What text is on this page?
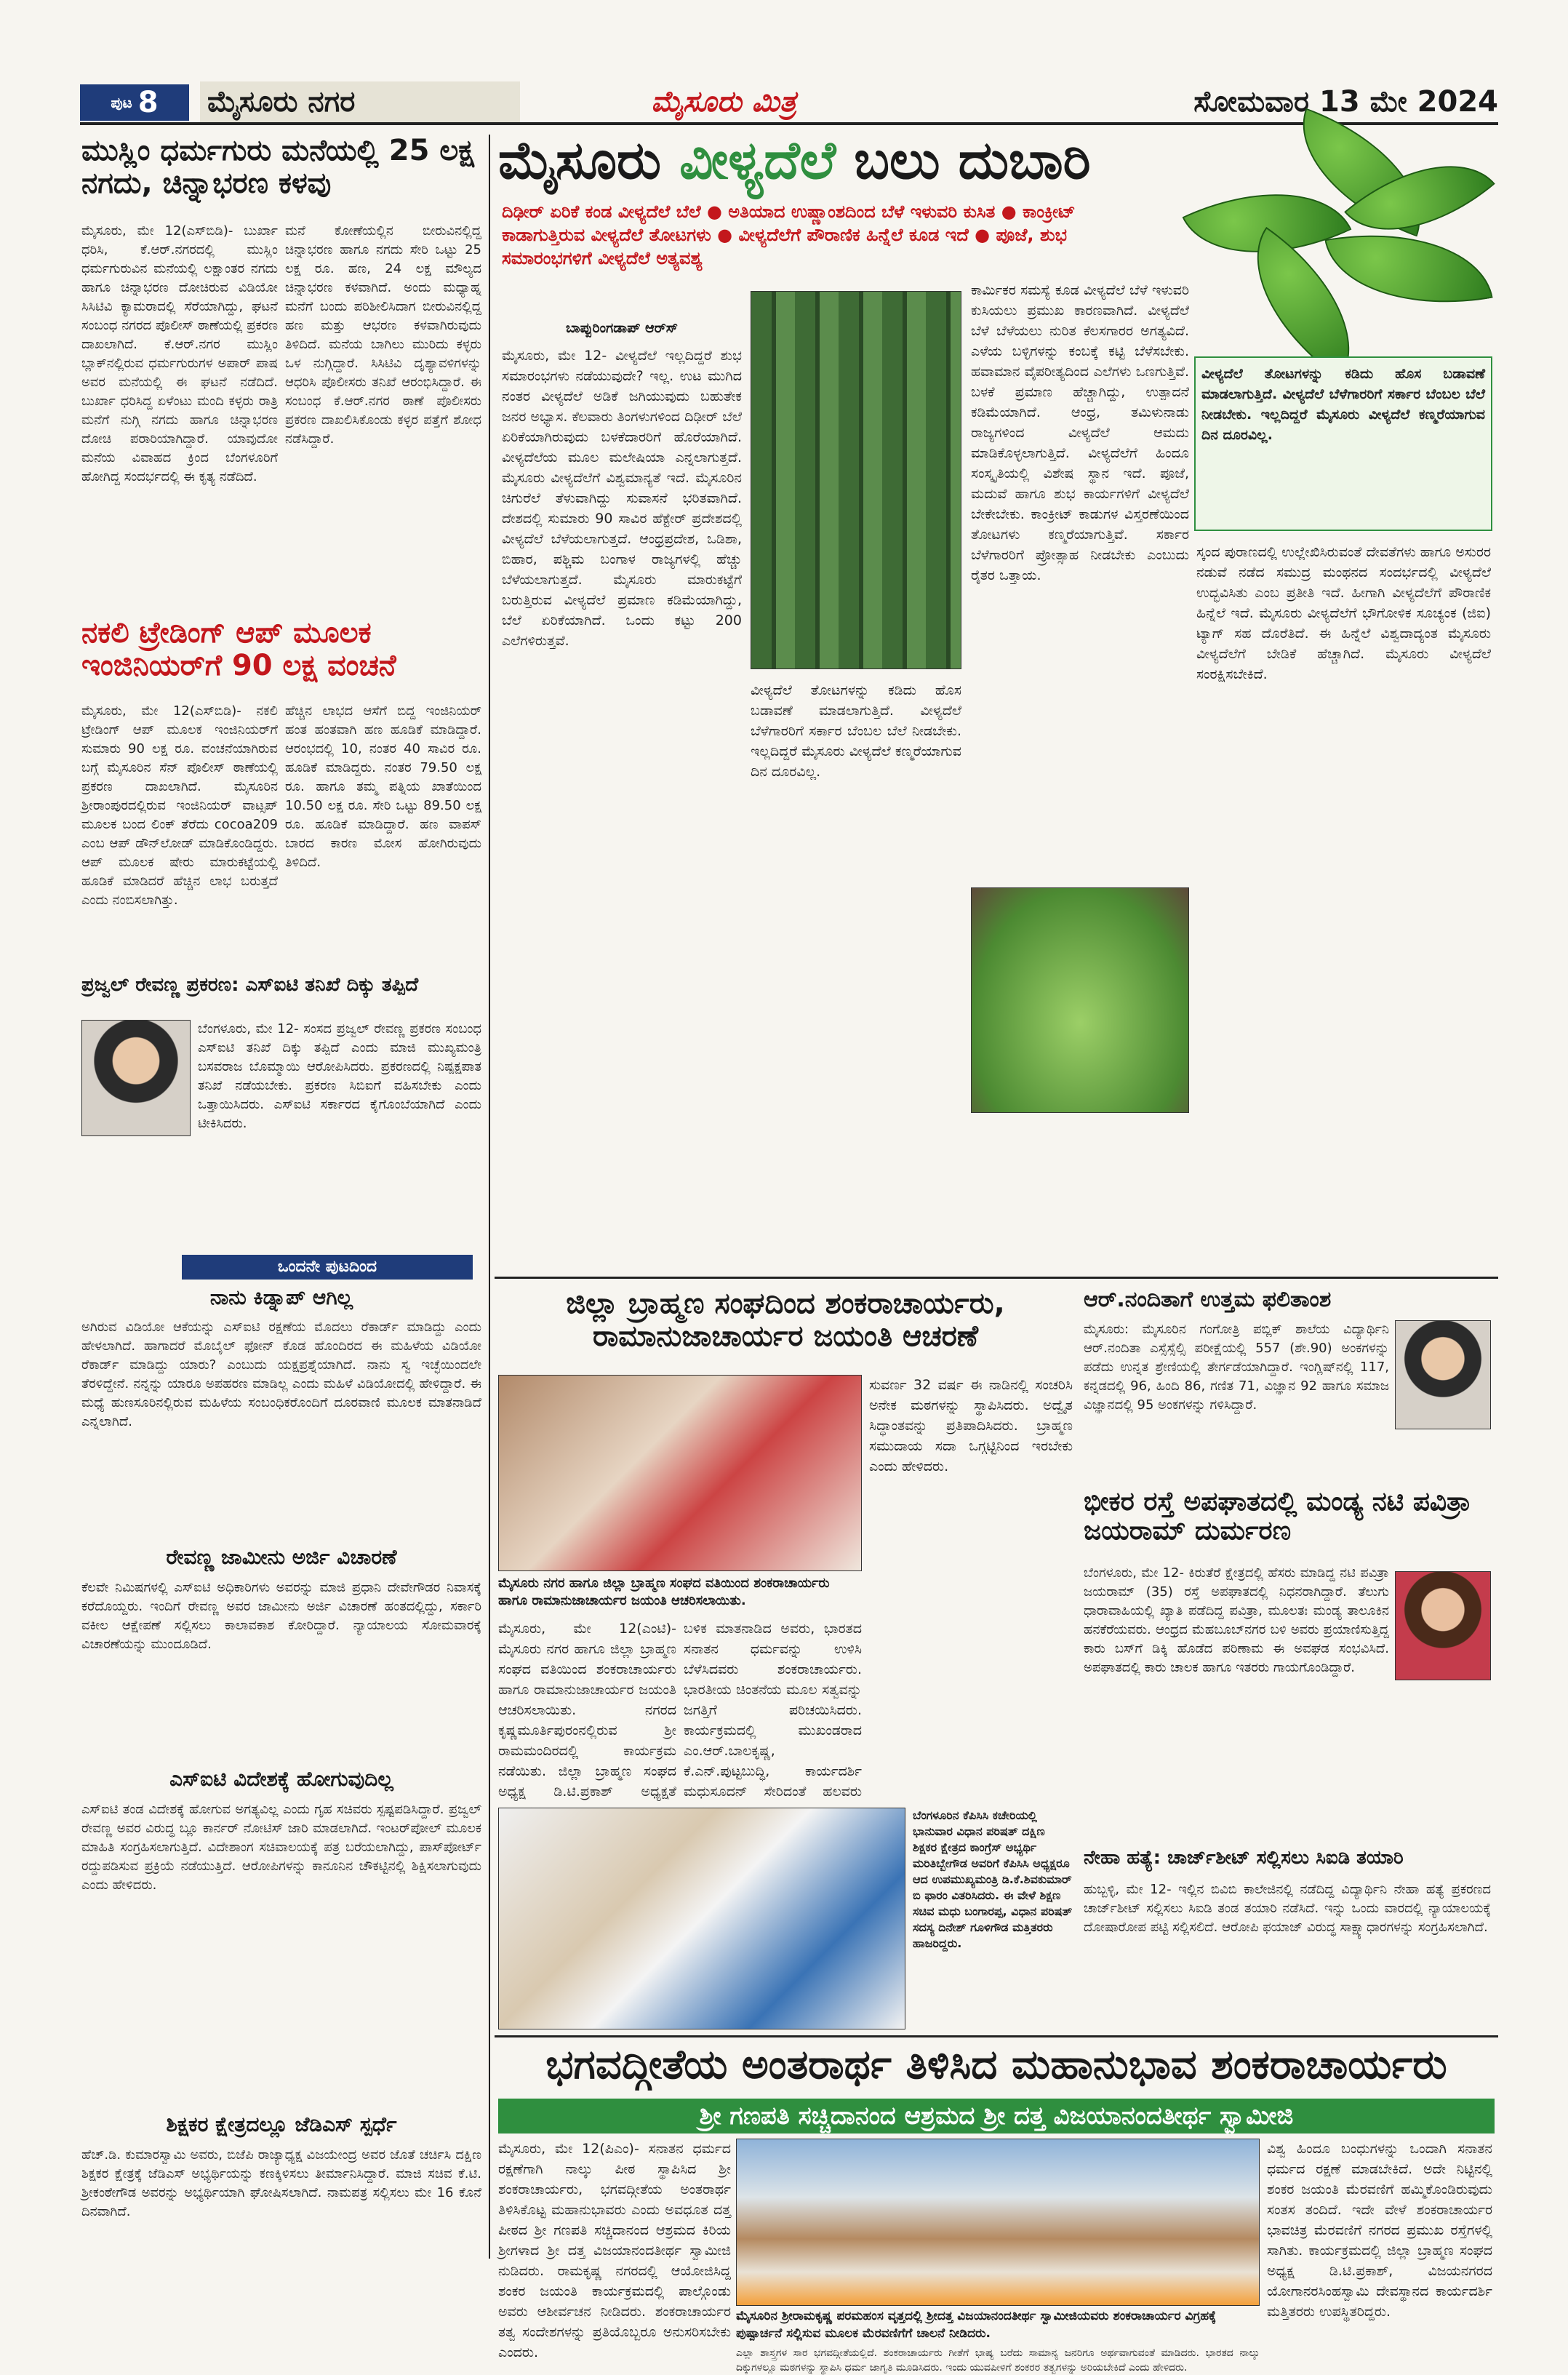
ಪುಟ 8 ಮೈಸೂರು ನಗರ	ಮೈಸೂರು ಮಿತ್ರ	ಸೋಮವಾರ 13 ಮೇ 2024
ಮುಸ್ಲಿಂ ಧರ್ಮಗುರು ಮನೆಯಲ್ಲಿ 25 ಲಕ್ಷ ನಗದು, ಚಿನ್ನಾಭರಣ ಕಳವು
ಮೈಸೂರು, ಮೇ 12(ಎಸ್‌ಬಿಡಿ)- ಬುರ್ಖಾ ಧರಿಸಿ, ಕೆ.ಆರ್.ನಗರದಲ್ಲಿ ಮುಸ್ಲಿಂ ಧರ್ಮಗುರುವಿನ ಮನೆಯಲ್ಲಿ ಲಕ್ಷಾಂತರ ನಗದು ಹಾಗೂ ಚಿನ್ನಾಭರಣ ದೋಚಿರುವ ವಿಡಿಯೋ ಸಿಸಿಟಿವಿ ಕ್ಯಾಮರಾದಲ್ಲಿ ಸೆರೆಯಾಗಿದ್ದು, ಘಟನೆ ಸಂಬಂಧ ನಗರದ ಪೊಲೀಸ್ ಠಾಣೆಯಲ್ಲಿ ಪ್ರಕರಣ ದಾಖಲಾಗಿದೆ. ಕೆ.ಆರ್.ನಗರ ಮುಸ್ಲಿಂ ಬ್ಲಾಕ್‌ನಲ್ಲಿರುವ ಧರ್ಮಗುರುಗಳ ಅಪಾರ್ ಪಾಷ ಅವರ ಮನೆಯಲ್ಲಿ ಈ ಘಟನೆ ನಡೆದಿದೆ. ಬುರ್ಖಾ ಧರಿಸಿದ್ದ ಏಳೆಂಟು ಮಂದಿ ಕಳ್ಳರು ರಾತ್ರಿ ಮನೆಗೆ ನುಗ್ಗಿ ನಗದು ಹಾಗೂ ಚಿನ್ನಾಭರಣ ದೋಚಿ ಪರಾರಿಯಾಗಿದ್ದಾರೆ. ಯಾವುದೋ ಮನೆಯ ವಿವಾಹದ ಕ್ರಿಂದ ಬೆಂಗಳೂರಿಗೆ ಹೋಗಿದ್ದ ಸಂದರ್ಭದಲ್ಲಿ ಈ ಕೃತ್ಯ ನಡೆದಿದೆ.
ಮನೆ ಕೋಣೆಯಲ್ಲಿನ ಬೀರುವಿನಲ್ಲಿದ್ದ ಚಿನ್ನಾಭರಣ ಹಾಗೂ ನಗದು ಸೇರಿ ಒಟ್ಟು 25 ಲಕ್ಷ ರೂ. ಹಣ, 24 ಲಕ್ಷ ಮೌಲ್ಯದ ಚಿನ್ನಾಭರಣ ಕಳವಾಗಿದೆ. ಅಂದು ಮಧ್ಯಾಹ್ನ ಮನೆಗೆ ಬಂದು ಪರಿಶೀಲಿಸಿದಾಗ ಬೀರುವಿನಲ್ಲಿದ್ದ ಹಣ ಮತ್ತು ಆಭರಣ ಕಳವಾಗಿರುವುದು ತಿಳಿದಿದೆ. ಮನೆಯ ಬಾಗಿಲು ಮುರಿದು ಕಳ್ಳರು ಒಳ ನುಗ್ಗಿದ್ದಾರೆ. ಸಿಸಿಟಿವಿ ದೃಶ್ಯಾವಳಿಗಳನ್ನು ಆಧರಿಸಿ ಪೊಲೀಸರು ತನಿಖೆ ಆರಂಭಿಸಿದ್ದಾರೆ. ಈ ಸಂಬಂಧ ಕೆ.ಆರ್.ನಗರ ಠಾಣೆ ಪೊಲೀಸರು ಪ್ರಕರಣ ದಾಖಲಿಸಿಕೊಂಡು ಕಳ್ಳರ ಪತ್ತೆಗೆ ಶೋಧ ನಡೆಸಿದ್ದಾರೆ.
ನಕಲಿ ಟ್ರೇಡಿಂಗ್ ಆಪ್ ಮೂಲಕ ಇಂಜಿನಿಯರ್‌ಗೆ 90 ಲಕ್ಷ ವಂಚನೆ
ಮೈಸೂರು, ಮೇ 12(ಎಸ್‌ಬಿಡಿ)- ನಕಲಿ ಟ್ರೇಡಿಂಗ್ ಆಪ್ ಮೂಲಕ ಇಂಜಿನಿಯರ್‌ಗೆ ಸುಮಾರು 90 ಲಕ್ಷ ರೂ. ವಂಚನೆಯಾಗಿರುವ ಬಗ್ಗೆ ಮೈಸೂರಿನ ಸೆನ್ ಪೊಲೀಸ್ ಠಾಣೆಯಲ್ಲಿ ಪ್ರಕರಣ ದಾಖಲಾಗಿದೆ. ಮೈಸೂರಿನ ಶ್ರೀರಾಂಪುರದಲ್ಲಿರುವ ಇಂಜಿನಿಯರ್ ವಾಟ್ಸಪ್ ಮೂಲಕ ಬಂದ ಲಿಂಕ್ ತೆರೆದು cocoa209 ಎಂಬ ಆಪ್ ಡೌನ್‌ಲೋಡ್ ಮಾಡಿಕೊಂಡಿದ್ದರು. ಆಪ್ ಮೂಲಕ ಷೇರು ಮಾರುಕಟ್ಟೆಯಲ್ಲಿ ಹೂಡಿಕೆ ಮಾಡಿದರೆ ಹೆಚ್ಚಿನ ಲಾಭ ಬರುತ್ತದೆ ಎಂದು ನಂಬಿಸಲಾಗಿತ್ತು.
ಹೆಚ್ಚಿನ ಲಾಭದ ಆಸೆಗೆ ಬಿದ್ದ ಇಂಜಿನಿಯರ್ ಹಂತ ಹಂತವಾಗಿ ಹಣ ಹೂಡಿಕೆ ಮಾಡಿದ್ದಾರೆ. ಆರಂಭದಲ್ಲಿ 10, ನಂತರ 40 ಸಾವಿರ ರೂ. ಹೂಡಿಕೆ ಮಾಡಿದ್ದರು. ನಂತರ 79.50 ಲಕ್ಷ ರೂ. ಹಾಗೂ ತಮ್ಮ ಪತ್ನಿಯ ಖಾತೆಯಿಂದ 10.50 ಲಕ್ಷ ರೂ. ಸೇರಿ ಒಟ್ಟು 89.50 ಲಕ್ಷ ರೂ. ಹೂಡಿಕೆ ಮಾಡಿದ್ದಾರೆ. ಹಣ ವಾಪಸ್ ಬಾರದ ಕಾರಣ ಮೋಸ ಹೋಗಿರುವುದು ತಿಳಿದಿದೆ.
ಪ್ರಜ್ವಲ್ ರೇವಣ್ಣ ಪ್ರಕರಣ: ಎಸ್‌ಐಟಿ ತನಿಖೆ ದಿಕ್ಕು ತಪ್ಪಿದೆ
ಬೆಂಗಳೂರು, ಮೇ 12- ಸಂಸದ ಪ್ರಜ್ವಲ್ ರೇವಣ್ಣ ಪ್ರಕರಣ ಸಂಬಂಧ ಎಸ್‌ಐಟಿ ತನಿಖೆ ದಿಕ್ಕು ತಪ್ಪಿದೆ ಎಂದು ಮಾಜಿ ಮುಖ್ಯಮಂತ್ರಿ ಬಸವರಾಜ ಬೊಮ್ಮಾಯಿ ಆರೋಪಿಸಿದರು. ಪ್ರಕರಣದಲ್ಲಿ ನಿಷ್ಪಕ್ಷಪಾತ ತನಿಖೆ ನಡೆಯಬೇಕು. ಪ್ರಕರಣ ಸಿಬಿಐಗೆ ವಹಿಸಬೇಕು ಎಂದು ಒತ್ತಾಯಿಸಿದರು. ಎಸ್‌ಐಟಿ ಸರ್ಕಾರದ ಕೈಗೊಂಬೆಯಾಗಿದೆ ಎಂದು ಟೀಕಿಸಿದರು.
ಒಂದನೇ ಪುಟದಿಂದ
ನಾನು ಕಿಡ್ನಾಪ್ ಆಗಿಲ್ಲ
ಅಗಿರುವ ವಿಡಿಯೋ ಆಕೆಯನ್ನು ಎಸ್‌ಐಟಿ ರಕ್ಷಣೆಯ ಮೊದಲು ರೆಕಾರ್ಡ್ ಮಾಡಿದ್ದು ಎಂದು ಹೇಳಲಾಗಿದೆ. ಹಾಗಾದರೆ ಮೊಬೈಲ್ ಫೋನ್ ಕೊಡ ಹೊಂದಿರದ ಈ ಮಹಿಳೆಯ ವಿಡಿಯೋ ರೆಕಾರ್ಡ್ ಮಾಡಿದ್ದು ಯಾರು? ಎಂಬುದು ಯಕ್ಷಪ್ರಶ್ನೆಯಾಗಿದೆ. ನಾನು ಸ್ವ ಇಚ್ಛೆಯಿಂದಲೇ ತೆರಳಿದ್ದೇನೆ. ನನ್ನನ್ನು ಯಾರೂ ಅಪಹರಣ ಮಾಡಿಲ್ಲ ಎಂದು ಮಹಿಳೆ ವಿಡಿಯೋದಲ್ಲಿ ಹೇಳಿದ್ದಾರೆ. ಈ ಮಧ್ಯೆ ಹುಣಸೂರಿನಲ್ಲಿರುವ ಮಹಿಳೆಯ ಸಂಬಂಧಿಕರೊಂದಿಗೆ ದೂರವಾಣಿ ಮೂಲಕ ಮಾತನಾಡಿದೆ ಎನ್ನಲಾಗಿದೆ.
ರೇವಣ್ಣ ಜಾಮೀನು ಅರ್ಜಿ ವಿಚಾರಣೆ
ಕೆಲವೇ ನಿಮಿಷಗಳಲ್ಲಿ ಎಸ್‌ಐಟಿ ಅಧಿಕಾರಿಗಳು ಅವರನ್ನು ಮಾಜಿ ಪ್ರಧಾನಿ ದೇವೇಗೌಡರ ನಿವಾಸಕ್ಕೆ ಕರೆದೊಯ್ದರು. ಇಂದಿಗೆ ರೇವಣ್ಣ ಅವರ ಜಾಮೀನು ಅರ್ಜಿ ವಿಚಾರಣೆ ಹಂತದಲ್ಲಿದ್ದು, ಸರ್ಕಾರಿ ವಕೀಲ ಆಕ್ಷೇಪಣೆ ಸಲ್ಲಿಸಲು ಕಾಲಾವಕಾಶ ಕೋರಿದ್ದಾರೆ. ನ್ಯಾಯಾಲಯ ಸೋಮವಾರಕ್ಕೆ ವಿಚಾರಣೆಯನ್ನು ಮುಂದೂಡಿದೆ.
ಎಸ್‌ಐಟಿ ವಿದೇಶಕ್ಕೆ ಹೋಗುವುದಿಲ್ಲ
ಎಸ್‌ಐಟಿ ತಂಡ ವಿದೇಶಕ್ಕೆ ಹೋಗುವ ಅಗತ್ಯವಿಲ್ಲ ಎಂದು ಗೃಹ ಸಚಿವರು ಸ್ಪಷ್ಟಪಡಿಸಿದ್ದಾರೆ. ಪ್ರಜ್ವಲ್ ರೇವಣ್ಣ ಅವರ ವಿರುದ್ಧ ಬ್ಲೂ ಕಾರ್ನರ್ ನೋಟಿಸ್ ಜಾರಿ ಮಾಡಲಾಗಿದೆ. ಇಂಟರ್‌ಪೋಲ್ ಮೂಲಕ ಮಾಹಿತಿ ಸಂಗ್ರಹಿಸಲಾಗುತ್ತಿದೆ. ವಿದೇಶಾಂಗ ಸಚಿವಾಲಯಕ್ಕೆ ಪತ್ರ ಬರೆಯಲಾಗಿದ್ದು, ಪಾಸ್‌ಪೋರ್ಟ್ ರದ್ದುಪಡಿಸುವ ಪ್ರಕ್ರಿಯೆ ನಡೆಯುತ್ತಿದೆ. ಆರೋಪಿಗಳನ್ನು ಕಾನೂನಿನ ಚೌಕಟ್ಟಿನಲ್ಲಿ ಶಿಕ್ಷಿಸಲಾಗುವುದು ಎಂದು ಹೇಳಿದರು.
ಶಿಕ್ಷಕರ ಕ್ಷೇತ್ರದಲ್ಲೂ ಜೆಡಿಎಸ್ ಸ್ಪರ್ಧೆ
ಹೆಚ್.ಡಿ. ಕುಮಾರಸ್ವಾಮಿ ಅವರು, ಬಿಜೆಪಿ ರಾಜ್ಯಾಧ್ಯಕ್ಷ ವಿಜಯೇಂದ್ರ ಅವರ ಜೊತೆ ಚರ್ಚಿಸಿ ದಕ್ಷಿಣ ಶಿಕ್ಷಕರ ಕ್ಷೇತ್ರಕ್ಕೆ ಜೆಡಿಎಸ್ ಅಭ್ಯರ್ಥಿಯನ್ನು ಕಣಕ್ಕಿಳಿಸಲು ತೀರ್ಮಾನಿಸಿದ್ದಾರೆ. ಮಾಜಿ ಸಚಿವ ಕೆ.ಟಿ. ಶ್ರೀಕಂಠೇಗೌಡ ಅವರನ್ನು ಅಭ್ಯರ್ಥಿಯಾಗಿ ಘೋಷಿಸಲಾಗಿದೆ. ನಾಮಪತ್ರ ಸಲ್ಲಿಸಲು ಮೇ 16 ಕೊನೆ ದಿನವಾಗಿದೆ.
ಮೈಸೂರು ವೀಳ್ಯದೆಲೆ ಬಲು ದುಬಾರಿ
ದಿಢೀರ್ ಏರಿಕೆ ಕಂಡ ವೀಳ್ಯದೆಲೆ ಬೆಲೆ ● ಅತಿಯಾದ ಉಷ್ಣಾಂಶದಿಂದ ಬೆಳೆ ಇಳುವರಿ ಕುಸಿತ ● ಕಾಂಕ್ರೀಟ್ ಕಾಡಾಗುತ್ತಿರುವ ವೀಳ್ಯದೆಲೆ ತೋಟಗಳು ● ವೀಳ್ಯದೆಲೆಗೆ ಪೌರಾಣಿಕ ಹಿನ್ನೆಲೆ ಕೂಡ ಇದೆ ● ಪೂಜೆ, ಶುಭ ಸಮಾರಂಭಗಳಿಗೆ ವೀಳ್ಯದೆಲೆ ಅತ್ಯವಶ್ಯ
ಬಾಪ್ಪುರಿಂಗಡಾಪ್ ಆರ್‌ಸ್
ಮೈಸೂರು, ಮೇ 12- ವೀಳ್ಯದೆಲೆ ಇಲ್ಲದಿದ್ದರೆ ಶುಭ ಸಮಾರಂಭಗಳು ನಡೆಯುವುದೇ? ಇಲ್ಲ. ಉಟ ಮುಗಿದ ನಂತರ ವೀಳ್ಯದೆಲೆ ಅಡಿಕೆ ಜಗಿಯುವುದು ಬಹುತೇಕ ಜನರ ಅಭ್ಯಾಸ. ಕೆಲವಾರು ತಿಂಗಳುಗಳಿಂದ ದಿಢೀರ್ ಬೆಲೆ ಏರಿಕೆಯಾಗಿರುವುದು ಬಳಕೆದಾರರಿಗೆ ಹೊರೆಯಾಗಿದೆ. ವೀಳ್ಯದೆಲೆಯ ಮೂಲ ಮಲೇಷಿಯಾ ಎನ್ನಲಾಗುತ್ತದೆ. ಮೈಸೂರು ವೀಳ್ಯದೆಲೆಗೆ ವಿಶ್ವಮಾನ್ಯತೆ ಇದೆ. ಮೈಸೂರಿನ ಚಿಗುರೆಲೆ ತೆಳುವಾಗಿದ್ದು ಸುವಾಸನೆ ಭರಿತವಾಗಿದೆ. ದೇಶದಲ್ಲಿ ಸುಮಾರು 90 ಸಾವಿರ ಹೆಕ್ಟೇರ್ ಪ್ರದೇಶದಲ್ಲಿ ವೀಳ್ಯದೆಲೆ ಬೆಳೆಯಲಾಗುತ್ತದೆ. ಆಂಧ್ರಪ್ರದೇಶ, ಒಡಿಶಾ, ಬಿಹಾರ, ಪಶ್ಚಿಮ ಬಂಗಾಳ ರಾಜ್ಯಗಳಲ್ಲಿ ಹೆಚ್ಚು ಬೆಳೆಯಲಾಗುತ್ತದೆ. ಮೈಸೂರು ಮಾರುಕಟ್ಟೆಗೆ ಬರುತ್ತಿರುವ ವೀಳ್ಯದೆಲೆ ಪ್ರಮಾಣ ಕಡಿಮೆಯಾಗಿದ್ದು, ಬೆಲೆ ಏರಿಕೆಯಾಗಿದೆ. ಒಂದು ಕಟ್ಟು 200 ಎಲೆಗಳಿರುತ್ತವೆ.
ಕಾರ್ಮಿಕರ ಸಮಸ್ಯೆ ಕೂಡ ವೀಳ್ಯದೆಲೆ ಬೆಳೆ ಇಳುವರಿ ಕುಸಿಯಲು ಪ್ರಮುಖ ಕಾರಣವಾಗಿದೆ. ವೀಳ್ಯದೆಲೆ ಬೆಳೆ ಬೆಳೆಯಲು ನುರಿತ ಕೆಲಸಗಾರರ ಅಗತ್ಯವಿದೆ. ಎಳೆಯ ಬಳ್ಳಿಗಳನ್ನು ಕಂಬಕ್ಕೆ ಕಟ್ಟಿ ಬೆಳೆಸಬೇಕು. ಹವಾಮಾನ ವೈಪರೀತ್ಯದಿಂದ ಎಲೆಗಳು ಒಣಗುತ್ತಿವೆ. ಬಳಕೆ ಪ್ರಮಾಣ ಹೆಚ್ಚಾಗಿದ್ದು, ಉತ್ಪಾದನೆ ಕಡಿಮೆಯಾಗಿದೆ. ಆಂಧ್ರ, ತಮಿಳುನಾಡು ರಾಜ್ಯಗಳಿಂದ ವೀಳ್ಯದೆಲೆ ಆಮದು ಮಾಡಿಕೊಳ್ಳಲಾಗುತ್ತಿದೆ. ವೀಳ್ಯದೆಲೆಗೆ ಹಿಂದೂ ಸಂಸ್ಕೃತಿಯಲ್ಲಿ ವಿಶೇಷ ಸ್ಥಾನ ಇದೆ. ಪೂಜೆ, ಮದುವೆ ಹಾಗೂ ಶುಭ ಕಾರ್ಯಗಳಿಗೆ ವೀಳ್ಯದೆಲೆ ಬೇಕೇಬೇಕು. ಕಾಂಕ್ರೀಟ್ ಕಾಡುಗಳ ವಿಸ್ತರಣೆಯಿಂದ ತೋಟಗಳು ಕಣ್ಮರೆಯಾಗುತ್ತಿವೆ. ಸರ್ಕಾರ ಬೆಳೆಗಾರರಿಗೆ ಪ್ರೋತ್ಸಾಹ ನೀಡಬೇಕು ಎಂಬುದು ರೈತರ ಒತ್ತಾಯ.
ವೀಳ್ಯದೆಲೆ ತೋಟಗಳನ್ನು ಕಡಿದು ಹೊಸ ಬಡಾವಣೆ ಮಾಡಲಾಗುತ್ತಿದೆ. ವೀಳ್ಯದೆಲೆ ಬೆಳೆಗಾರರಿಗೆ ಸರ್ಕಾರ ಬೆಂಬಲ ಬೆಲೆ ನೀಡಬೇಕು. ಇಲ್ಲದಿದ್ದರೆ ಮೈಸೂರು ವೀಳ್ಯದೆಲೆ ಕಣ್ಮರೆಯಾಗುವ ದಿನ ದೂರವಿಲ್ಲ.
ಸ್ಕಂದ ಪುರಾಣದಲ್ಲಿ ಉಲ್ಲೇಖಿಸಿರುವಂತೆ ದೇವತೆಗಳು ಹಾಗೂ ಅಸುರರ ನಡುವೆ ನಡೆದ ಸಮುದ್ರ ಮಂಥನದ ಸಂದರ್ಭದಲ್ಲಿ ವೀಳ್ಯದೆಲೆ ಉದ್ಭವಿಸಿತು ಎಂಬ ಪ್ರತೀತಿ ಇದೆ. ಹೀಗಾಗಿ ವೀಳ್ಯದೆಲೆಗೆ ಪೌರಾಣಿಕ ಹಿನ್ನೆಲೆ ಇದೆ. ಮೈಸೂರು ವೀಳ್ಯದೆಲೆಗೆ ಭೌಗೋಳಿಕ ಸೂಚ್ಯಂಕ (ಜಿಐ) ಟ್ಯಾಗ್ ಸಹ ದೊರೆತಿದೆ. ಈ ಹಿನ್ನೆಲೆ ವಿಶ್ವದಾದ್ಯಂತ ಮೈಸೂರು ವೀಳ್ಯದೆಲೆಗೆ ಬೇಡಿಕೆ ಹೆಚ್ಚಾಗಿದೆ. ಮೈಸೂರು ವೀಳ್ಯದೆಲೆ ಸಂರಕ್ಷಿಸಬೇಕಿದೆ.
ವೀಳ್ಯದೆಲೆ ತೋಟಗಳನ್ನು ಕಡಿದು ಹೊಸ ಬಡಾವಣೆ ಮಾಡಲಾಗುತ್ತಿದೆ. ವೀಳ್ಯದೆಲೆ ಬೆಳೆಗಾರರಿಗೆ ಸರ್ಕಾರ ಬೆಂಬಲ ಬೆಲೆ ನೀಡಬೇಕು. ಇಲ್ಲದಿದ್ದರೆ ಮೈಸೂರು ವೀಳ್ಯದೆಲೆ ಕಣ್ಮರೆಯಾಗುವ ದಿನ ದೂರವಿಲ್ಲ.
ಜಿಲ್ಲಾ ಬ್ರಾಹ್ಮಣ ಸಂಘದಿಂದ ಶಂಕರಾಚಾರ್ಯರು, ರಾಮಾನುಜಾಚಾರ್ಯರ ಜಯಂತಿ ಆಚರಣೆ
ಮೈಸೂರು ನಗರ ಹಾಗೂ ಜಿಲ್ಲಾ ಬ್ರಾಹ್ಮಣ ಸಂಘದ ವತಿಯಿಂದ ಶಂಕರಾಚಾರ್ಯರು ಹಾಗೂ ರಾಮಾನುಜಾಚಾರ್ಯರ ಜಯಂತಿ ಆಚರಿಸಲಾಯಿತು.
ಸುವರ್ಣ 32 ವರ್ಷ ಈ ನಾಡಿನಲ್ಲಿ ಸಂಚರಿಸಿ ಅನೇಕ ಮಠಗಳನ್ನು ಸ್ಥಾಪಿಸಿದರು. ಅದ್ವೈತ ಸಿದ್ಧಾಂತವನ್ನು ಪ್ರತಿಪಾದಿಸಿದರು. ಬ್ರಾಹ್ಮಣ ಸಮುದಾಯ ಸದಾ ಒಗ್ಗಟ್ಟಿನಿಂದ ಇರಬೇಕು ಎಂದು ಹೇಳಿದರು.
ಮೈಸೂರು, ಮೇ 12(ಎಂಟಿ)- ಮೈಸೂರು ನಗರ ಹಾಗೂ ಜಿಲ್ಲಾ ಬ್ರಾಹ್ಮಣ ಸಂಘದ ವತಿಯಿಂದ ಶಂಕರಾಚಾರ್ಯರು ಹಾಗೂ ರಾಮಾನುಜಾಚಾರ್ಯರ ಜಯಂತಿ ಆಚರಿಸಲಾಯಿತು. ನಗರದ ಕೃಷ್ಣಮೂರ್ತಿಪುರಂನಲ್ಲಿರುವ ಶ್ರೀ ರಾಮಮಂದಿರದಲ್ಲಿ ಕಾರ್ಯಕ್ರಮ ನಡೆಯಿತು. ಜಿಲ್ಲಾ ಬ್ರಾಹ್ಮಣ ಸಂಘದ ಅಧ್ಯಕ್ಷ ಡಿ.ಟಿ.ಪ್ರಕಾಶ್ ಅಧ್ಯಕ್ಷತೆ
ಬಳಿಕ ಮಾತನಾಡಿದ ಅವರು, ಭಾರತದ ಸನಾತನ ಧರ್ಮವನ್ನು ಉಳಿಸಿ ಬೆಳೆಸಿದವರು ಶಂಕರಾಚಾರ್ಯರು. ಭಾರತೀಯ ಚಿಂತನೆಯ ಮೂಲ ಸತ್ವವನ್ನು ಜಗತ್ತಿಗೆ ಪರಿಚಯಿಸಿದರು. ಕಾರ್ಯಕ್ರಮದಲ್ಲಿ ಮುಖಂಡರಾದ ಎಂ.ಆರ್.ಬಾಲಕೃಷ್ಣ, ಕೆ.ಎನ್.ಪುಟ್ಟಬುದ್ಧಿ, ಕಾರ್ಯದರ್ಶಿ ಮಧುಸೂದನ್ ಸೇರಿದಂತೆ ಹಲವರು
ಬೆಂಗಳೂರಿನ ಕೆಪಿಸಿಸಿ ಕಚೇರಿಯಲ್ಲಿ ಭಾನುವಾರ ವಿಧಾನ ಪರಿಷತ್ ದಕ್ಷಿಣ ಶಿಕ್ಷಕರ ಕ್ಷೇತ್ರದ ಕಾಂಗ್ರೆಸ್ ಅಭ್ಯರ್ಥಿ ಮರಿತಿಬ್ಬೇಗೌಡ ಅವರಿಗೆ ಕೆಪಿಸಿಸಿ ಅಧ್ಯಕ್ಷರೂ ಆದ ಉಪಮುಖ್ಯಮಂತ್ರಿ ಡಿ.ಕೆ.ಶಿವಕುಮಾರ್ ಬಿ ಫಾರಂ ವಿತರಿಸಿದರು. ಈ ವೇಳೆ ಶಿಕ್ಷಣ ಸಚಿವ ಮಧು ಬಂಗಾರಪ್ಪ, ವಿಧಾನ ಪರಿಷತ್ ಸದಸ್ಯ ದಿನೇಶ್ ಗೂಳಿಗೌಡ ಮತ್ತಿತರರು ಹಾಜರಿದ್ದರು.
ಆರ್.ನಂದಿತಾಗೆ ಉತ್ತಮ ಫಲಿತಾಂಶ
ಮೈಸೂರು: ಮೈಸೂರಿನ ಗಂಗೋತ್ರಿ ಪಬ್ಲಿಕ್ ಶಾಲೆಯ ವಿದ್ಯಾರ್ಥಿನಿ ಆರ್.ನಂದಿತಾ ಎಸ್ಸೆಸ್ಸೆಲ್ಸಿ ಪರೀಕ್ಷೆಯಲ್ಲಿ 557 (ಶೇ.90) ಅಂಕಗಳನ್ನು ಪಡೆದು ಉನ್ನತ ಶ್ರೇಣಿಯಲ್ಲಿ ತೇರ್ಗಡೆಯಾಗಿದ್ದಾರೆ. ಇಂಗ್ಲಿಷ್‌ನಲ್ಲಿ 117, ಕನ್ನಡದಲ್ಲಿ 96, ಹಿಂದಿ 86, ಗಣಿತ 71, ವಿಜ್ಞಾನ 92 ಹಾಗೂ ಸಮಾಜ ವಿಜ್ಞಾನದಲ್ಲಿ 95 ಅಂಕಗಳನ್ನು ಗಳಿಸಿದ್ದಾರೆ.
ಭೀಕರ ರಸ್ತೆ ಅಪಘಾತದಲ್ಲಿ ಮಂಡ್ಯ ನಟಿ ಪವಿತ್ರಾ ಜಯರಾಮ್ ದುರ್ಮರಣ
ಬೆಂಗಳೂರು, ಮೇ 12- ಕಿರುತೆರೆ ಕ್ಷೇತ್ರದಲ್ಲಿ ಹೆಸರು ಮಾಡಿದ್ದ ನಟಿ ಪವಿತ್ರಾ ಜಯರಾಮ್ (35) ರಸ್ತೆ ಅಪಘಾತದಲ್ಲಿ ನಿಧನರಾಗಿದ್ದಾರೆ. ತೆಲುಗು ಧಾರಾವಾಹಿಯಲ್ಲಿ ಖ್ಯಾತಿ ಪಡೆದಿದ್ದ ಪವಿತ್ರಾ, ಮೂಲತಃ ಮಂಡ್ಯ ತಾಲೂಕಿನ ಹನಕೆರೆಯವರು. ಆಂಧ್ರದ ಮೆಹಬೂಬ್‌ನಗರ ಬಳಿ ಅವರು ಪ್ರಯಾಣಿಸುತ್ತಿದ್ದ ಕಾರು ಬಸ್‌ಗೆ ಡಿಕ್ಕಿ ಹೊಡೆದ ಪರಿಣಾಮ ಈ ಅವಘಡ ಸಂಭವಿಸಿದೆ. ಅಪಘಾತದಲ್ಲಿ ಕಾರು ಚಾಲಕ ಹಾಗೂ ಇತರರು ಗಾಯಗೊಂಡಿದ್ದಾರೆ.
ನೇಹಾ ಹತ್ಯೆ: ಚಾರ್ಜ್‌ಶೀಟ್ ಸಲ್ಲಿಸಲು ಸಿಐಡಿ ತಯಾರಿ
ಹುಬ್ಬಳ್ಳಿ, ಮೇ 12- ಇಲ್ಲಿನ ಬಿವಿಬಿ ಕಾಲೇಜಿನಲ್ಲಿ ನಡೆದಿದ್ದ ವಿದ್ಯಾರ್ಥಿನಿ ನೇಹಾ ಹತ್ಯೆ ಪ್ರಕರಣದ ಚಾರ್ಜ್‌ಶೀಟ್ ಸಲ್ಲಿಸಲು ಸಿಐಡಿ ತಂಡ ತಯಾರಿ ನಡೆಸಿದೆ. ಇನ್ನು ಒಂದು ವಾರದಲ್ಲಿ ನ್ಯಾಯಾಲಯಕ್ಕೆ ದೋಷಾರೋಪ ಪಟ್ಟಿ ಸಲ್ಲಿಸಲಿದೆ. ಆರೋಪಿ ಫಯಾಜ್ ವಿರುದ್ಧ ಸಾಕ್ಷ್ಯಾಧಾರಗಳನ್ನು ಸಂಗ್ರಹಿಸಲಾಗಿದೆ.
ಭಗವದ್ಗೀತೆಯ ಅಂತರಾರ್ಥ ತಿಳಿಸಿದ ಮಹಾನುಭಾವ ಶಂಕರಾಚಾರ್ಯರು
ಶ್ರೀ ಗಣಪತಿ ಸಚ್ಚಿದಾನಂದ ಆಶ್ರಮದ ಶ್ರೀ ದತ್ತ ವಿಜಯಾನಂದತೀರ್ಥ ಸ್ವಾಮೀಜಿ
ಮೈಸೂರು, ಮೇ 12(ಪಿಎಂ)- ಸನಾತನ ಧರ್ಮದ ರಕ್ಷಣೆಗಾಗಿ ನಾಲ್ಕು ಪೀಠ ಸ್ಥಾಪಿಸಿದ ಶ್ರೀ ಶಂಕರಾಚಾರ್ಯರು, ಭಗವದ್ಗೀತೆಯ ಅಂತರಾರ್ಥ ತಿಳಿಸಿಕೊಟ್ಟ ಮಹಾನುಭಾವರು ಎಂದು ಅವಧೂತ ದತ್ತ ಪೀಠದ ಶ್ರೀ ಗಣಪತಿ ಸಚ್ಚಿದಾನಂದ ಆಶ್ರಮದ ಕಿರಿಯ ಶ್ರೀಗಳಾದ ಶ್ರೀ ದತ್ತ ವಿಜಯಾನಂದತೀರ್ಥ ಸ್ವಾಮೀಜಿ ನುಡಿದರು. ರಾಮಕೃಷ್ಣ ನಗರದಲ್ಲಿ ಆಯೋಜಿಸಿದ್ದ ಶಂಕರ ಜಯಂತಿ ಕಾರ್ಯಕ್ರಮದಲ್ಲಿ ಪಾಲ್ಗೊಂಡು ಅವರು ಆಶೀರ್ವಚನ ನೀಡಿದರು. ಶಂಕರಾಚಾರ್ಯರ ತತ್ವ ಸಂದೇಶಗಳನ್ನು ಪ್ರತಿಯೊಬ್ಬರೂ ಅನುಸರಿಸಬೇಕು ಎಂದರು.
ಮೈಸೂರಿನ ಶ್ರೀರಾಮಕೃಷ್ಣ ಪರಮಹಂಸ ವೃತ್ತದಲ್ಲಿ ಶ್ರೀದತ್ತ ವಿಜಯಾನಂದತೀರ್ಥ ಸ್ವಾಮೀಜಿಯವರು ಶಂಕರಾಚಾರ್ಯರ ವಿಗ್ರಹಕ್ಕೆ ಪುಷ್ಪಾರ್ಚನೆ ಸಲ್ಲಿಸುವ ಮೂಲಕ ಮೆರವಣಿಗೆಗೆ ಚಾಲನೆ ನೀಡಿದರು.
ವಿಶ್ವ ಹಿಂದೂ ಬಂಧುಗಳನ್ನು ಒಂದಾಗಿ ಸನಾತನ ಧರ್ಮದ ರಕ್ಷಣೆ ಮಾಡಬೇಕಿದೆ. ಅದೇ ನಿಟ್ಟಿನಲ್ಲಿ ಶಂಕರ ಜಯಂತಿ ಮೆರವಣಿಗೆ ಹಮ್ಮಿಕೊಂಡಿರುವುದು ಸಂತಸ ತಂದಿದೆ. ಇದೇ ವೇಳೆ ಶಂಕರಾಚಾರ್ಯರ ಭಾವಚಿತ್ರ ಮೆರವಣಿಗೆ ನಗರದ ಪ್ರಮುಖ ರಸ್ತೆಗಳಲ್ಲಿ ಸಾಗಿತು. ಕಾರ್ಯಕ್ರಮದಲ್ಲಿ ಜಿಲ್ಲಾ ಬ್ರಾಹ್ಮಣ ಸಂಘದ ಅಧ್ಯಕ್ಷ ಡಿ.ಟಿ.ಪ್ರಕಾಶ್, ವಿಜಯನಗರದ ಯೋಗಾನರಸಿಂಹಸ್ವಾಮಿ ದೇವಸ್ಥಾನದ ಕಾರ್ಯದರ್ಶಿ ಮತ್ತಿತರರು ಉಪಸ್ಥಿತರಿದ್ದರು.
ಎಲ್ಲಾ ಶಾಸ್ತ್ರಗಳ ಸಾರ ಭಗವದ್ಗೀತೆಯಲ್ಲಿದೆ. ಶಂಕರಾಚಾರ್ಯರು ಗೀತೆಗೆ ಭಾಷ್ಯ ಬರೆದು ಸಾಮಾನ್ಯ ಜನರಿಗೂ ಅರ್ಥವಾಗುವಂತೆ ಮಾಡಿದರು. ಭಾರತದ ನಾಲ್ಕು ದಿಕ್ಕುಗಳಲ್ಲೂ ಮಠಗಳನ್ನು ಸ್ಥಾಪಿಸಿ ಧರ್ಮ ಜಾಗೃತಿ ಮೂಡಿಸಿದರು. ಇಂದು ಯುವಪೀಳಿಗೆ ಶಂಕರರ ತತ್ವಗಳನ್ನು ಅರಿಯಬೇಕಿದೆ ಎಂದು ಹೇಳಿದರು.
